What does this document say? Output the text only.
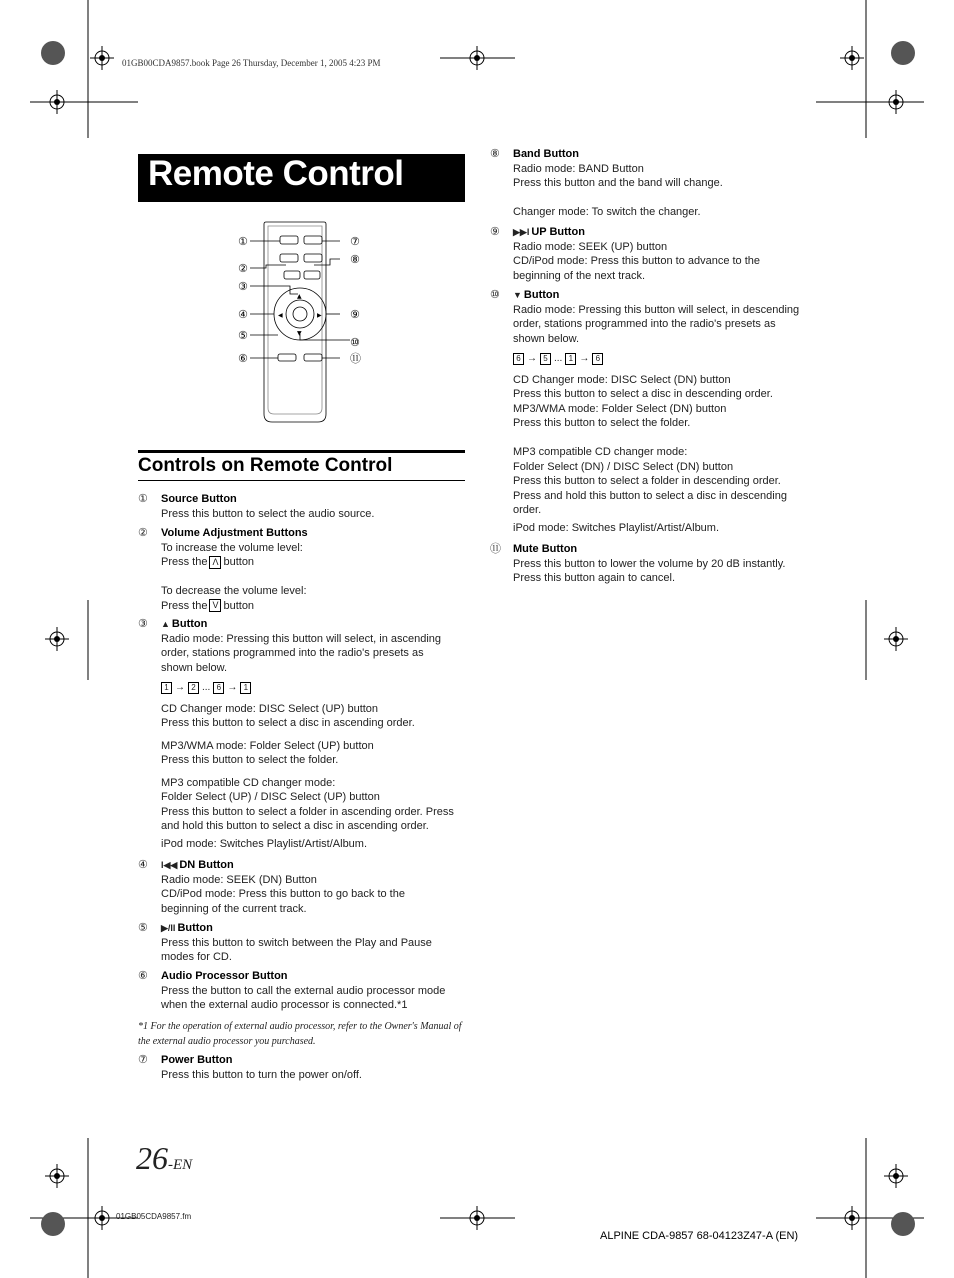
01GB00CDA9857.book Page 26 Thursday, December 1, 2005 4:23 PM
Remote Control
▲
▼
◀	▶
①	⑦
②
⑧
③
④	⑨
⑤
⑩
⑥	⑪
Controls on Remote Control
① Source Button
Press this button to select the audio source.
② Volume Adjustment Buttons
To increase the volume level:
Press the Λ button
To decrease the volume level:
Press the V button
③ ▲ Button
Radio mode: Pressing this button will select, in ascending
order, stations programmed into the radio's presets as
shown below.
1 → 2 ... 6 → 1
CD Changer mode: DISC Select (UP) button
Press this button to select a disc in ascending order.
MP3/WMA mode: Folder Select (UP) button
Press this button to select the folder.
MP3 compatible CD changer mode:
Folder Select (UP) / DISC Select (UP) button
Press this button to select a folder in ascending order. Press
and hold this button to select a disc in ascending order.
iPod mode: Switches Playlist/Artist/Album.
④ I◀◀ DN Button
Radio mode: SEEK (DN) Button
CD/iPod mode: Press this button to go back to the
beginning of the current track.
⑤ ▶/II Button
Press this button to switch between the Play and Pause
modes for CD.
⑥ Audio Processor Button
Press the button to call the external audio processor mode
when the external audio processor is connected.*1
*1 For the operation of external audio processor, refer to the Owner's Manual of the external audio processor you purchased.
⑦ Power Button
Press this button to turn the power on/off.
⑧ Band Button
Radio mode: BAND Button
Press this button and the band will change.
Changer mode: To switch the changer.
⑨ ▶▶I UP Button
Radio mode: SEEK (UP) button
CD/iPod mode: Press this button to advance to the
beginning of the next track.
⑩ ▼ Button
Radio mode: Pressing this button will select, in descending
order, stations programmed into the radio's presets as
shown below.
6 → 5 ... 1 → 6
CD Changer mode: DISC Select (DN) button
Press this button to select a disc in descending order.
MP3/WMA mode: Folder Select (DN) button
Press this button to select the folder.
MP3 compatible CD changer mode:
Folder Select (DN) / DISC Select (DN) button
Press this button to select a folder in descending order.
Press and hold this button to select a disc in descending
order.
iPod mode: Switches Playlist/Artist/Album.
⑪ Mute Button
Press this button to lower the volume by 20 dB instantly.
Press this button again to cancel.
26-EN
01GB05CDA9857.fm
ALPINE CDA-9857 68-04123Z47-A (EN)
